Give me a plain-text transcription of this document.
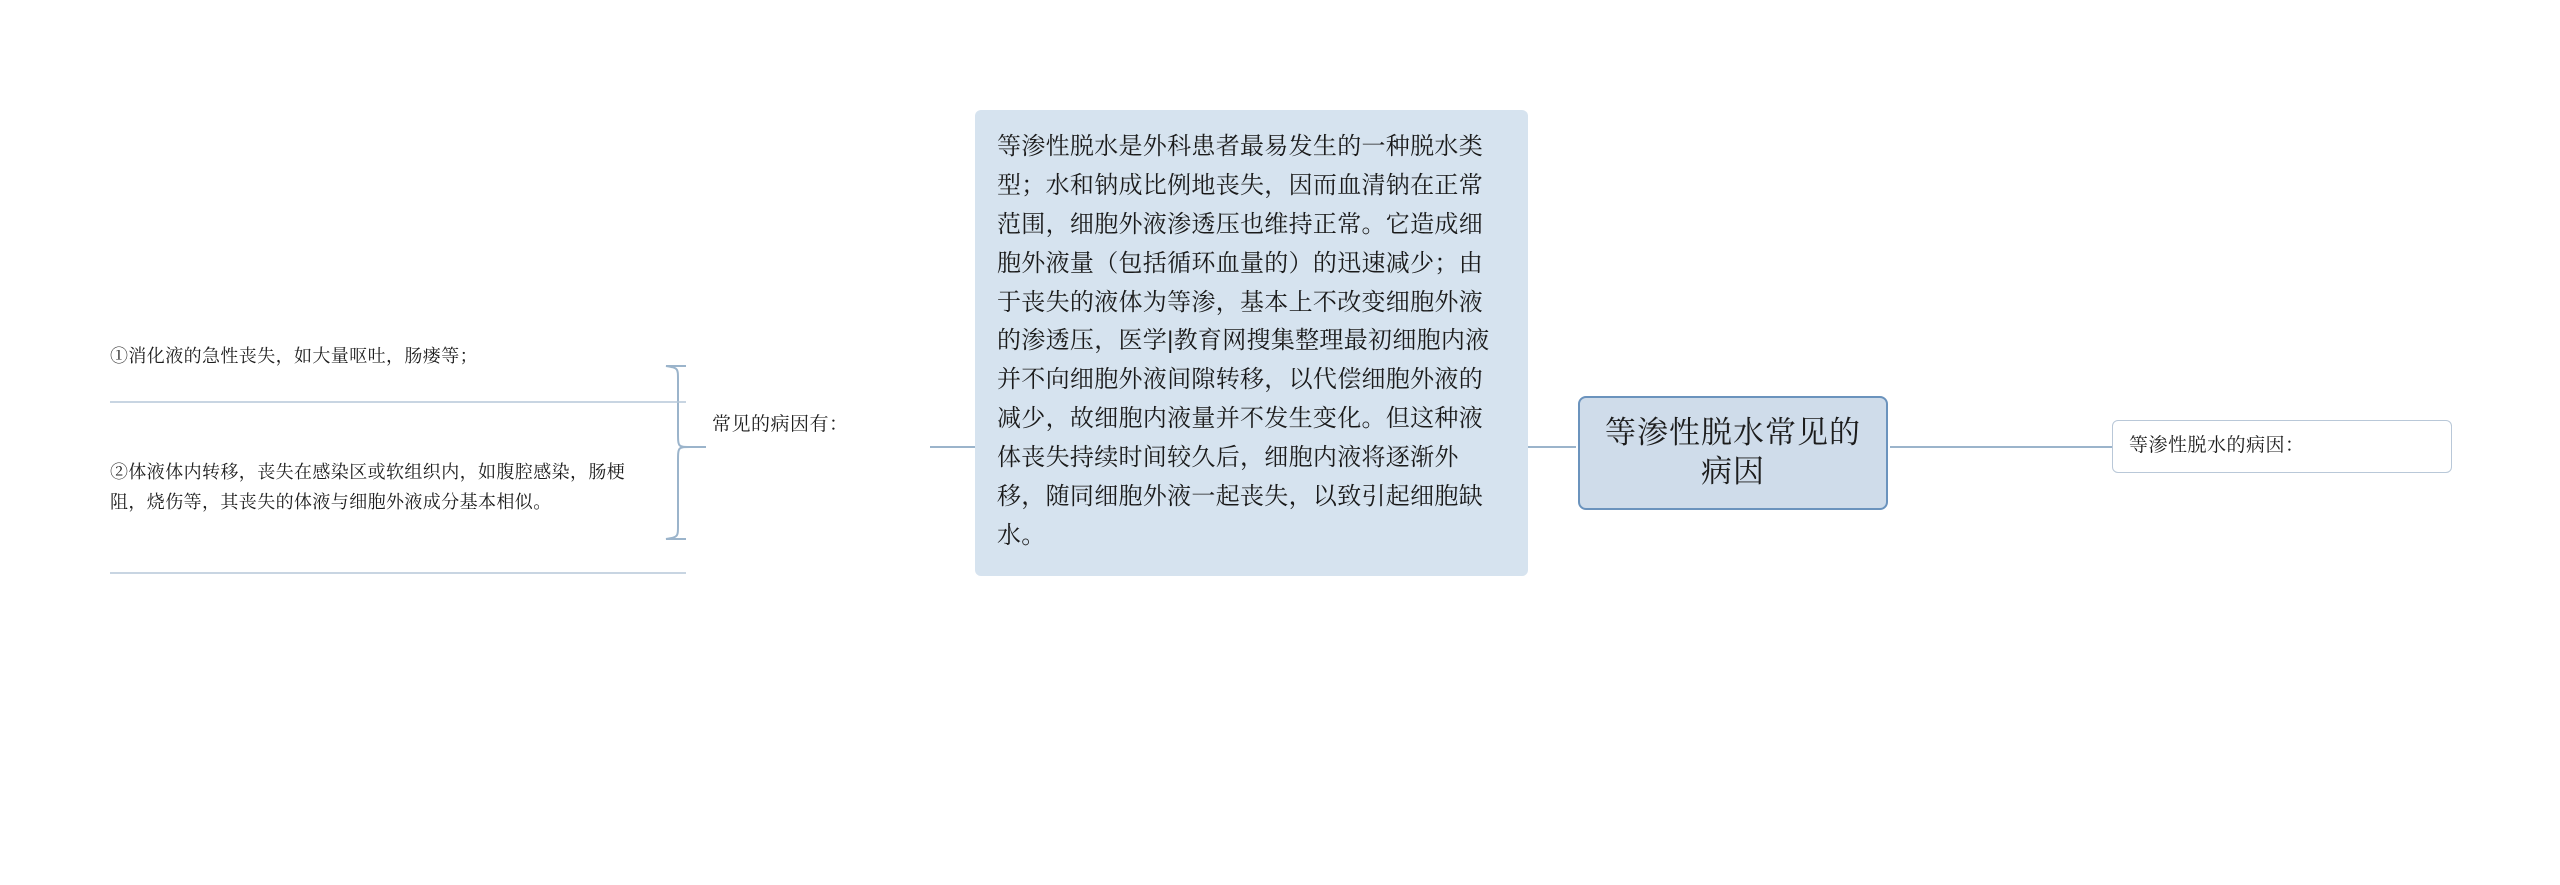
等渗性脱水常见的病因
等渗性脱水的病因：
等渗性脱水是外科患者最易发生的一种脱水类型；水和钠成比例地丧失，因而血清钠在正常范围，细胞外液渗透压也维持正常。它造成细胞外液量（包括循环血量的）的迅速减少；由于丧失的液体为等渗，基本上不改变细胞外液的渗透压，医学|教育网搜集整理最初细胞内液并不向细胞外液间隙转移，以代偿细胞外液的减少，故细胞内液量并不发生变化。但这种液体丧失持续时间较久后，细胞内液将逐渐外移，随同细胞外液一起丧失，以致引起细胞缺水。
常见的病因有：
①消化液的急性丧失，如大量呕吐，肠瘘等；
②体液体内转移，丧失在感染区或软组织内，如腹腔感染，肠梗阻，烧伤等，其丧失的体液与细胞外液成分基本相似。
